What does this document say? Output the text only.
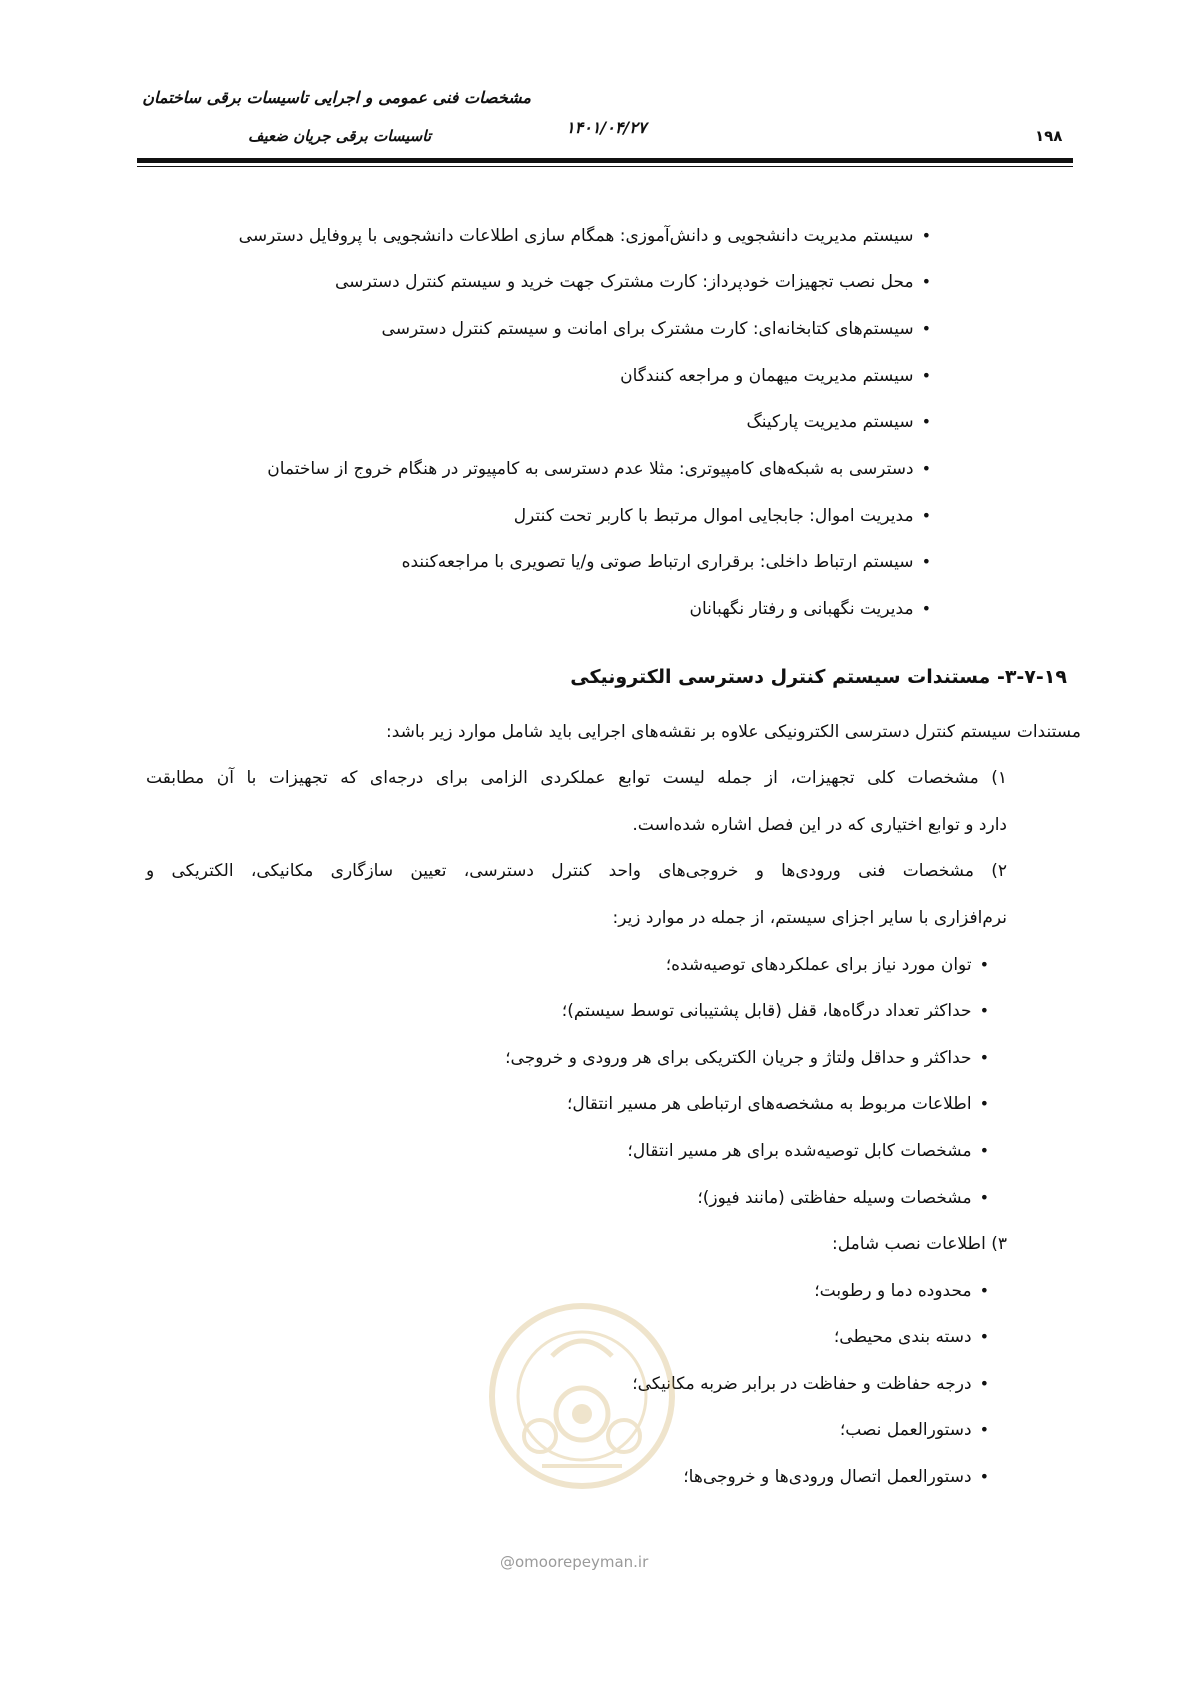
مشخصات فنی عمومی و اجرایی تاسیسات برقی ساختمان
تاسیسات برقی جریان ضعیف	۱۴۰۱/۰۴/۲۷	۱۹۸
• سیستم مدیریت دانشجویی و دانش‌آموزی: همگام سازی اطلاعات دانشجویی با پروفایل دسترسی
• محل نصب تجهیزات خودپرداز: کارت مشترک جهت خرید و سیستم کنترل دسترسی
• سیستم‌های کتابخانه‌ای: کارت مشترک برای امانت و سیستم کنترل دسترسی
• سیستم مدیریت میهمان و مراجعه کنندگان
• سیستم مدیریت پارکینگ
• دسترسی به شبکه‌های کامپیوتری: مثلا عدم دسترسی به کامپیوتر در هنگام خروج از ساختمان
• مدیریت اموال: جابجایی اموال مرتبط با کاربر تحت کنترل
• سیستم ارتباط داخلی: برقراری ارتباط صوتی و/یا تصویری با مراجعه‌کننده
• مدیریت نگهبانی و رفتار نگهبانان
۳-۷-۱۹- مستندات سیستم کنترل دسترسی الکترونیکی
مستندات سیستم کنترل دسترسی الکترونیکی علاوه بر نقشه‌های اجرایی باید شامل موارد زیر باشد:
۱) مشخصات کلی تجهیزات، از جمله لیست توابع عملکردی الزامی برای درجه‌ای که تجهیزات با آن مطابقت
دارد و توابع اختیاری که در این فصل اشاره شده‌است.
۲) مشخصات فنی ورودی‌ها و خروجی‌های واحد کنترل دسترسی، تعیین سازگاری مکانیکی، الکتریکی و
نرم‌افزاری با سایر اجزای سیستم، از جمله در موارد زیر:
• توان مورد نیاز برای عملکردهای توصیه‌شده؛
• حداکثر تعداد درگاه‌ها، قفل (قابل پشتیبانی توسط سیستم)؛
• حداکثر و حداقل ولتاژ و جریان الکتریکی برای هر ورودی و خروجی؛
• اطلاعات مربوط به مشخصه‌های ارتباطی هر مسیر انتقال؛
• مشخصات کابل توصیه‌شده برای هر مسیر انتقال؛
• مشخصات وسیله حفاظتی (مانند فیوز)؛
۳) اطلاعات نصب شامل:
• محدوده دما و رطوبت؛
• دسته بندی محیطی؛
• درجه حفاظت و حفاظت در برابر ضربه مکانیکی؛
• دستورالعمل نصب؛
• دستورالعمل اتصال ورودی‌ها و خروجی‌ها؛
@omoorepeyman.ir
